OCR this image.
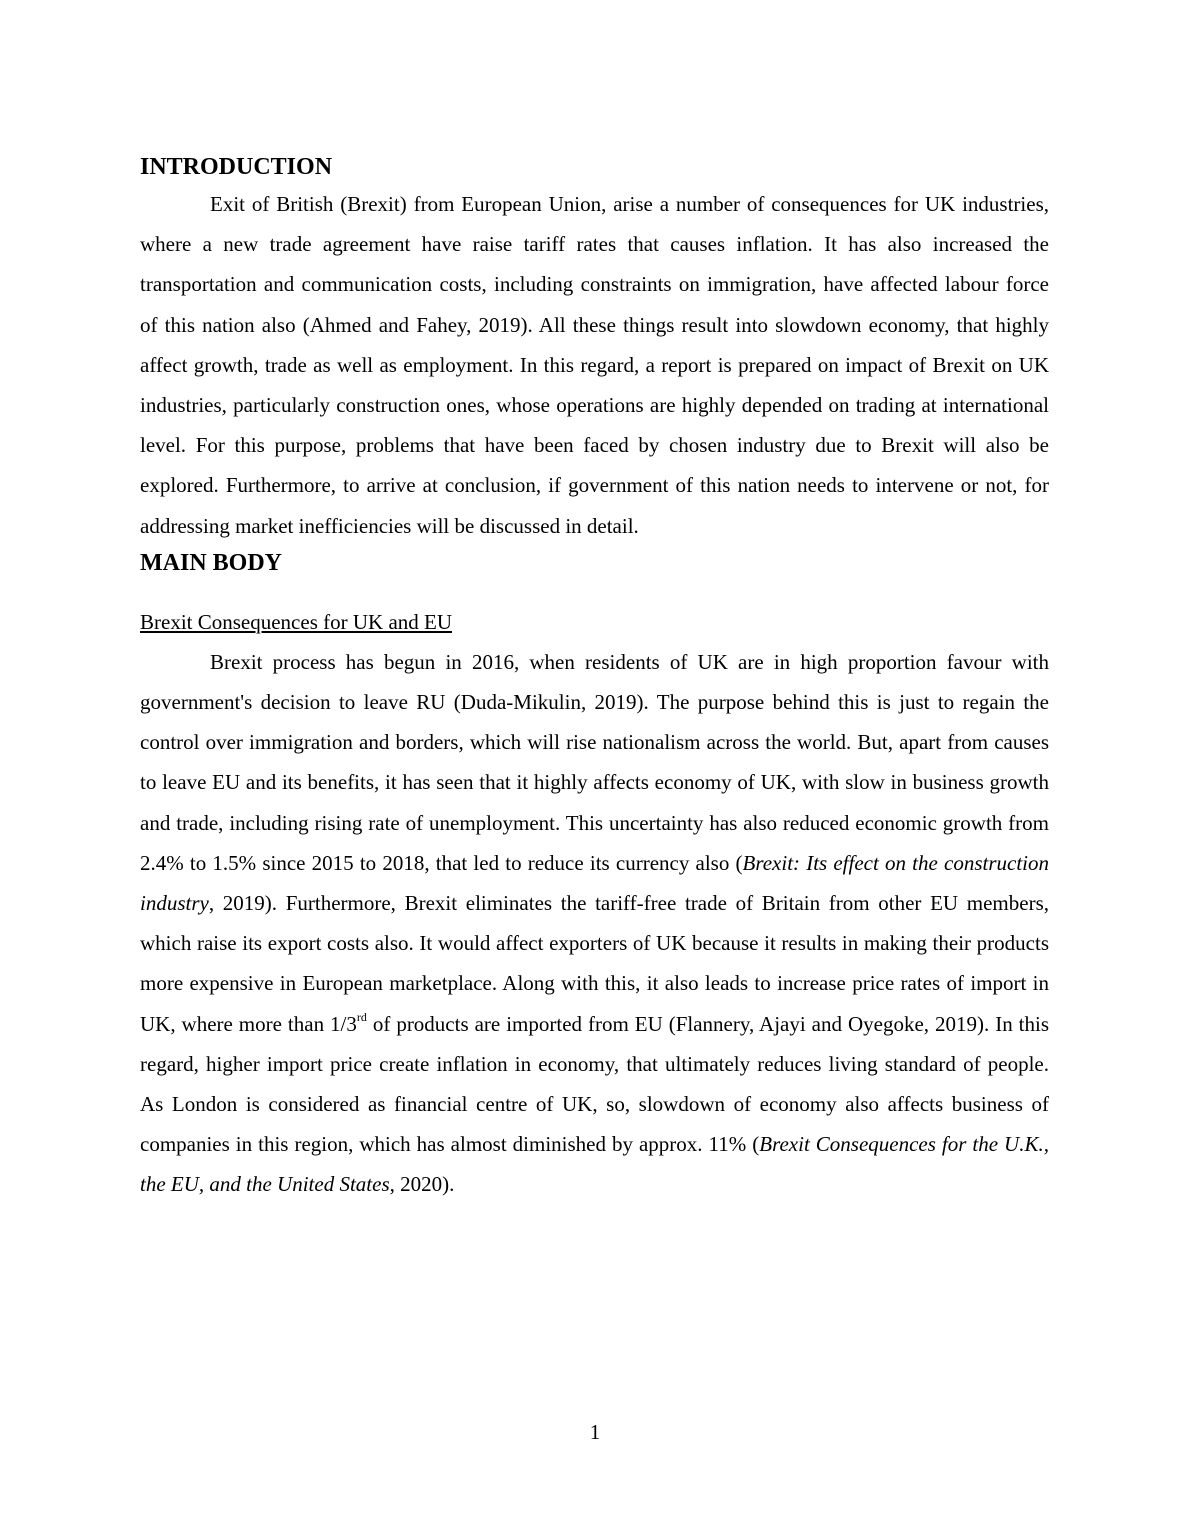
INTRODUCTION

Exit of British (Brexit) from European Union, arise a number of consequences for UK industries, where a new trade agreement have raise tariff rates that causes inflation. It has also increased the transportation and communication costs, including constraints on immigration, have affected labour force of this nation also (Ahmed and Fahey, 2019). All these things result into slowdown economy, that highly affect growth, trade as well as employment. In this regard, a report is prepared on impact of Brexit on UK industries, particularly construction ones, whose operations are highly depended on trading at international level. For this purpose, problems that have been faced by chosen industry due to Brexit will also be explored. Furthermore, to arrive at conclusion, if government of this nation needs to intervene or not, for addressing market inefficiencies will be discussed in detail.

MAIN BODY
Brexit Consequences for UK and EU

Brexit process has begun in 2016, when residents of UK are in high proportion favour with government's decision to leave RU (Duda-Mikulin, 2019). The purpose behind this is just to regain the control over immigration and borders, which will rise nationalism across the world. But, apart from causes to leave EU and its benefits, it has seen that it highly affects economy of UK, with slow in business growth and trade, including rising rate of unemployment. This uncertainty has also reduced economic growth from 2.4% to 1.5% since 2015 to 2018, that led to reduce its currency also (Brexit: Its effect on the construction industry, 2019). Furthermore, Brexit eliminates the tariff-free trade of Britain from other EU members, which raise its export costs also. It would affect exporters of UK because it results in making their products more expensive in European marketplace. Along with this, it also leads to increase price rates of import in UK, where more than 1/3rd of products are imported from EU (Flannery, Ajayi and Oyegoke, 2019). In this regard, higher import price create inflation in economy, that ultimately reduces living standard of people. As London is considered as financial centre of UK, so, slowdown of economy also affects business of companies in this region, which has almost diminished by approx. 11% (Brexit Consequences for the U.K., the EU, and the United States, 2020).

1
